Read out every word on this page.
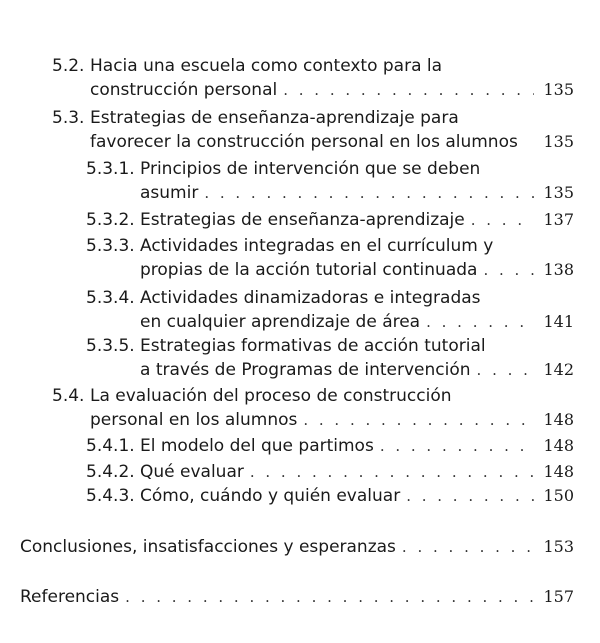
5.2. Hacia una escuela como contexto para la
construcción personal . . .	135
5.3. Estrategias de enseñanza-aprendizaje para
favorecer la construcción personal en los alumnos 135
5.3.1. Principios de intervención que se deben
asumir . . .	135
5.3.2. Estrategias de enseñanza-aprendizaje . . .	137
5.3.3. Actividades integradas en el currículum y
propias de la acción tutorial continuada . . .	138
5.3.4. Actividades dinamizadoras e integradas
en cualquier aprendizaje de área . . .	141
5.3.5. Estrategias formativas de acción tutorial
a través de Programas de intervención . . .	142
5.4. La evaluación del proceso de construcción
personal en los alumnos . . .	148
5.4.1. El modelo del que partimos . . .	148
5.4.2. Qué evaluar . . .	148
5.4.3. Cómo, cuándo y quién evaluar . . .	150
Conclusiones, insatisfacciones y esperanzas . . .	153
Referencias . . .	157
